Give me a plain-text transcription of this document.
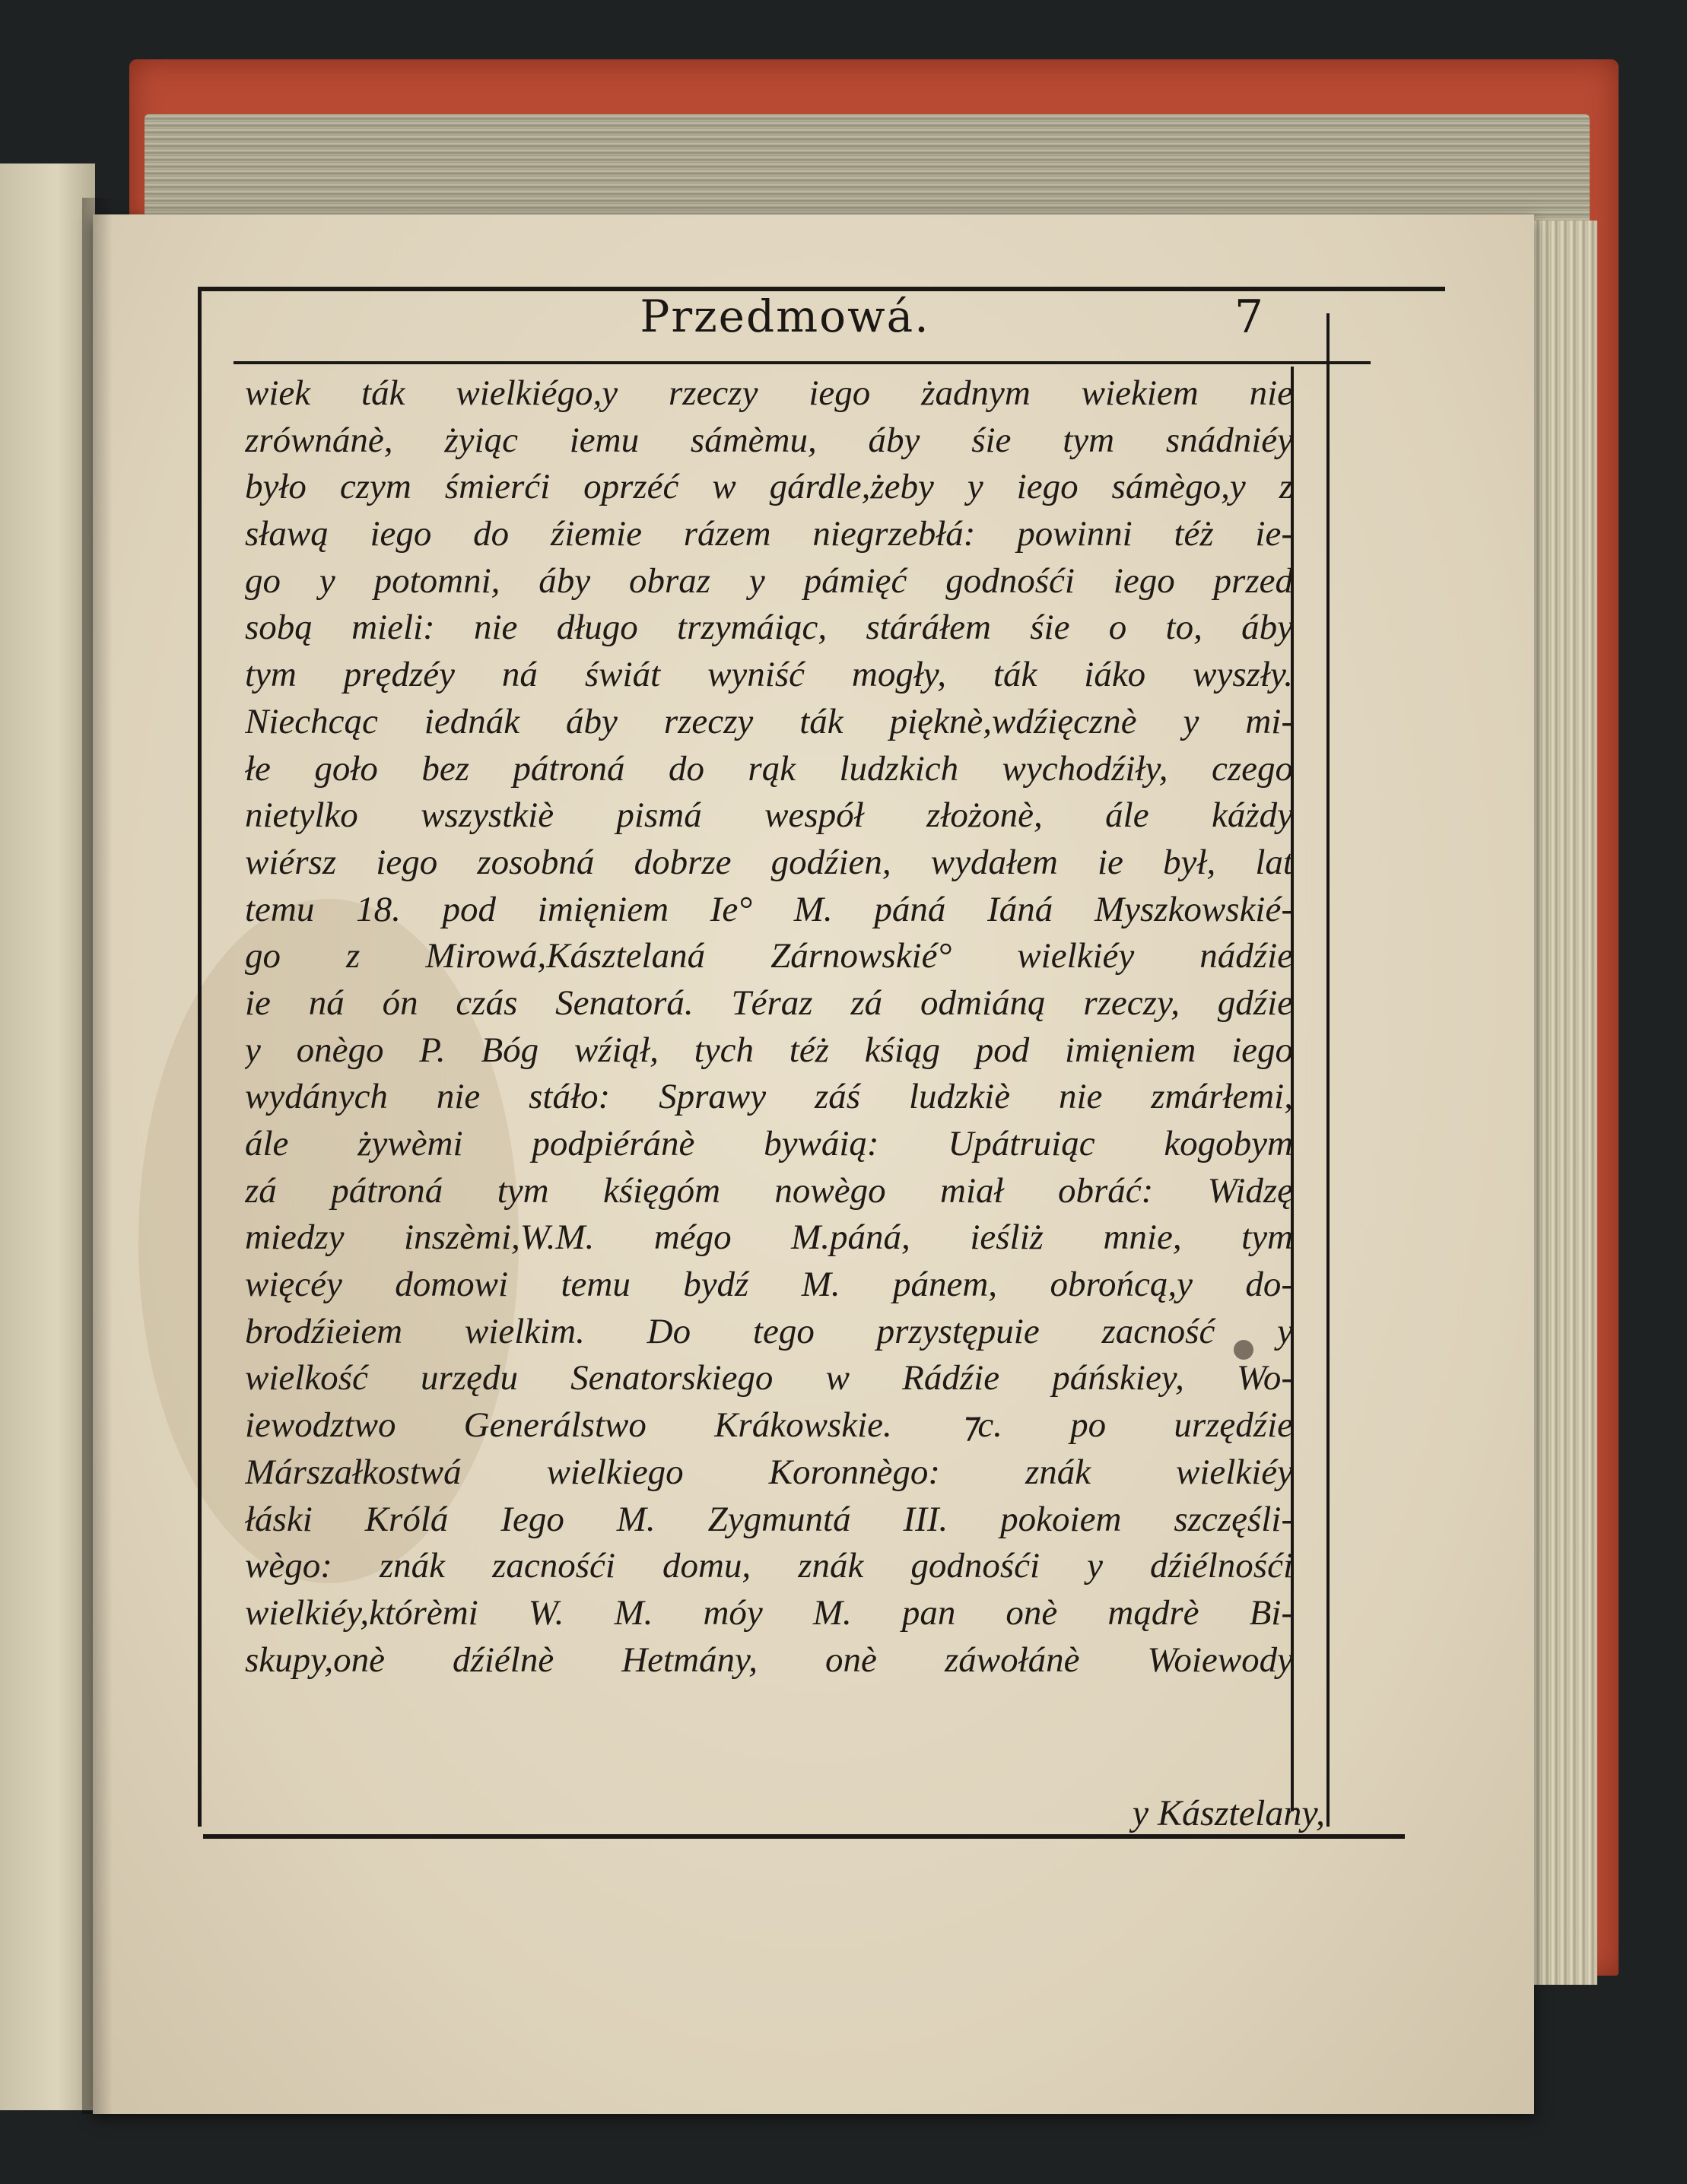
Przedmowá.	7
wiek ták wielkiégo,y rzeczy iego żadnym wiekiem nie
zrównánè, żyiąc iemu sámèmu, áby śie tym snádniéy
było czym śmierći oprzéć w gárdle,żeby y iego sámègo,y z
sławą iego do źiemie rázem niegrzebłá: powinni téż ie-
go y potomni, áby obraz y pámięć godnośći iego przed
sobą mieli: nie długo trzymáiąc, stáráłem śie o to, áby
tym prędzéy ná świát wyniść mogły, ták iáko wyszły.
Niechcąc iednák áby rzeczy ták pięknè,wdźięcznè y mi-
łe goło bez pátroná do rąk ludzkich wychodźiły, czego
nietylko wszystkiè pismá wespół złożonè, ále káżdy
wiérsz iego zosobná dobrze godźien, wydałem ie był, lat
temu 18. pod imięniem Ie° M. páná Iáná Myszkowskié-
go z Mirowá,Kásztelaná Zárnowskié° wielkiéy nádźie
ie ná ón czás Senatorá. Téraz zá odmiáną rzeczy, gdźie
y onègo P. Bóg wźiął, tych téż kśiąg pod imięniem iego
wydánych nie stáło: Sprawy záś ludzkiè nie zmárłemi,
ále żywèmi podpiéránè bywáią: Upátruiąc kogobym
zá pátroná tym kśięgóm nowègo miał obráć: Widzę
miedzy inszèmi,W.M. mégo M.páná, ieśliż mnie, tym
więcéy domowi temu bydź M. pánem, obrońcą,y do-
brodźieiem wielkim. Do tego przystępuie zacność y
wielkość urzędu Senatorskiego w Rádźie páńskiey, Wo-
iewodztwo Generálstwo Krákowskie. ⁊c. po urzędźie
Márszałkostwá wielkiego Koronnègo: znák wielkiéy
łáski Królá Iego M. Zygmuntá III. pokoiem szczęśli-
wègo: znák zacnośći domu, znák godnośći y dźiélnośći
wielkiéy,którèmi W. M. móy M. pan onè mądrè Bi-
skupy,onè dźiélnè Hetmány, onè záwołánè Woiewody
y Kásztelany,
